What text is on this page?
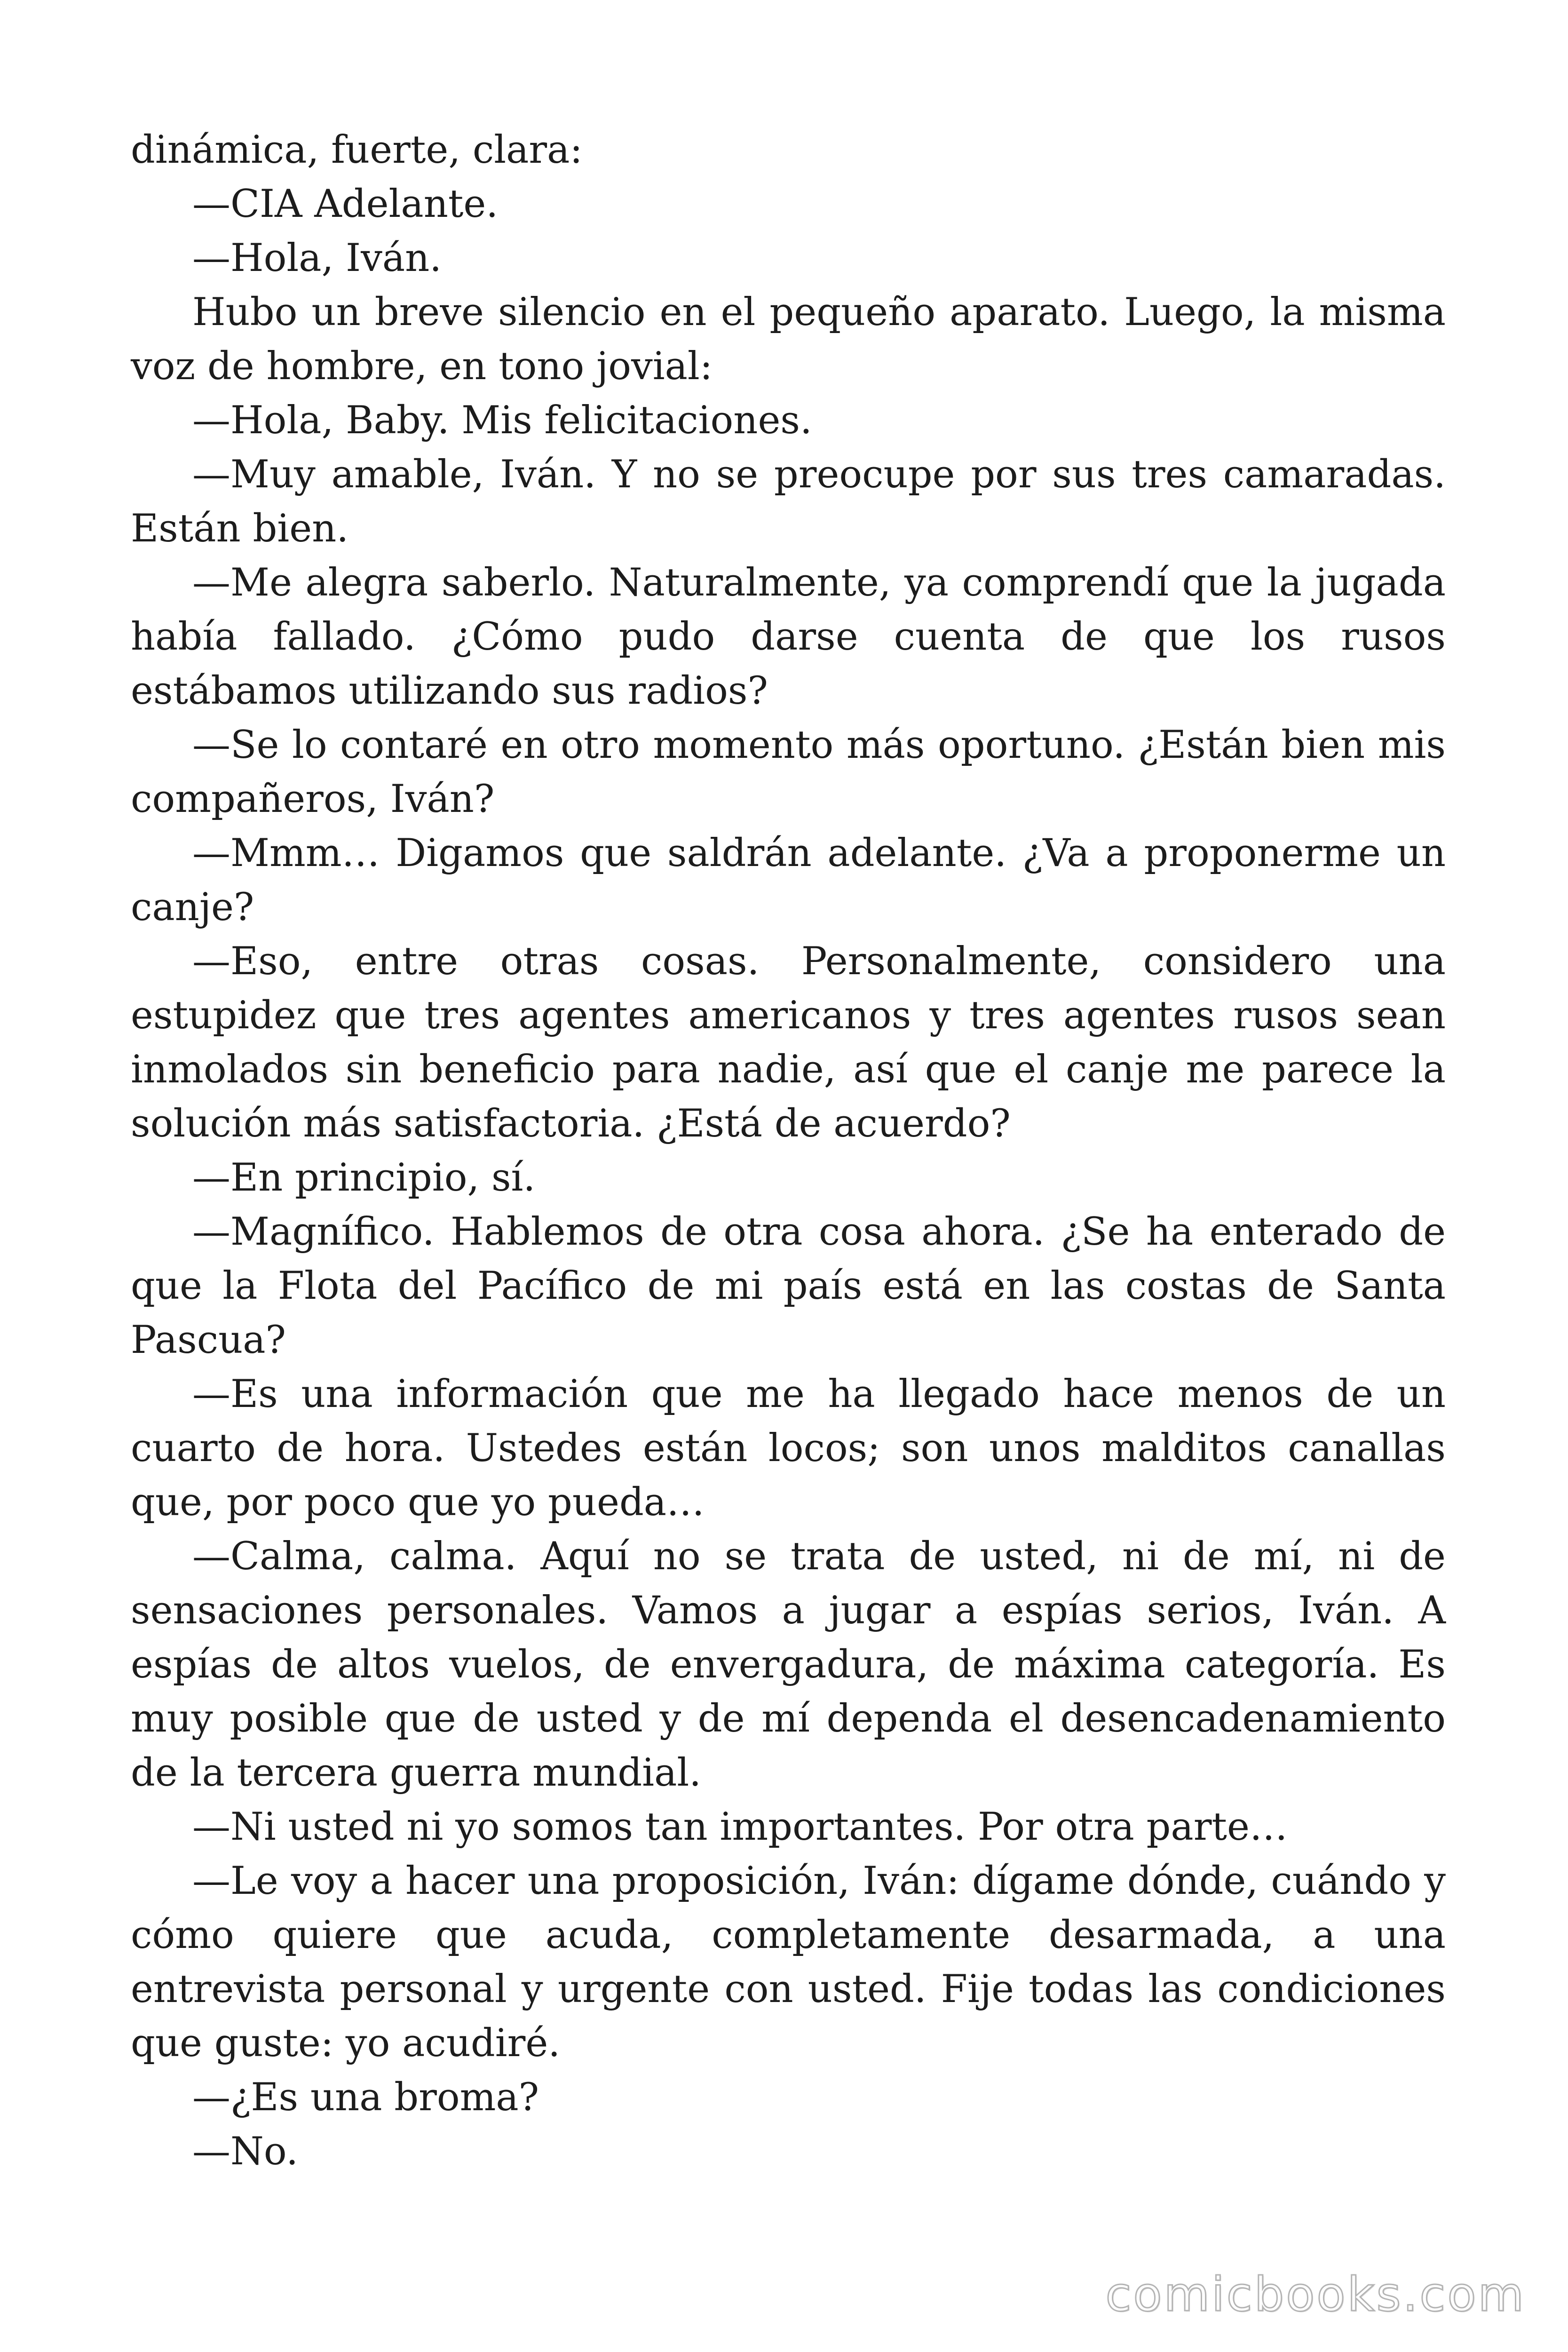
dinámica, fuerte, clara:

—CIA Adelante.

—Hola, Iván.

Hubo un breve silencio en el pequeño aparato. Luego, la misma voz de hombre, en tono jovial:

—Hola, Baby. Mis felicitaciones.

—Muy amable, Iván. Y no se preocupe por sus tres camaradas. Están bien.

—Me alegra saberlo. Naturalmente, ya comprendí que la jugada había fallado. ¿Cómo pudo darse cuenta de que los rusos estábamos utilizando sus radios?

—Se lo contaré en otro momento más oportuno. ¿Están bien mis compañeros, Iván?

—Mmm… Digamos que saldrán adelante. ¿Va a proponerme un canje?

—Eso, entre otras cosas. Personalmente, considero una estupidez que tres agentes americanos y tres agentes rusos sean inmolados sin beneficio para nadie, así que el canje me parece la solución más satisfactoria. ¿Está de acuerdo?

—En principio, sí.

—Magnífico. Hablemos de otra cosa ahora. ¿Se ha enterado de que la Flota del Pacífico de mi país está en las costas de Santa Pascua?

—Es una información que me ha llegado hace menos de un cuarto de hora. Ustedes están locos; son unos malditos canallas que, por poco que yo pueda…

—Calma, calma. Aquí no se trata de usted, ni de mí, ni de sensaciones personales. Vamos a jugar a espías serios, Iván. A espías de altos vuelos, de envergadura, de máxima categoría. Es muy posible que de usted y de mí dependa el desencadenamiento de la tercera guerra mundial.

—Ni usted ni yo somos tan importantes. Por otra parte…

—Le voy a hacer una proposición, Iván: dígame dónde, cuándo y cómo quiere que acuda, completamente desarmada, a una entrevista personal y urgente con usted. Fije todas las condiciones que guste: yo acudiré.

—¿Es una broma?

—No.

comicbooks.com
